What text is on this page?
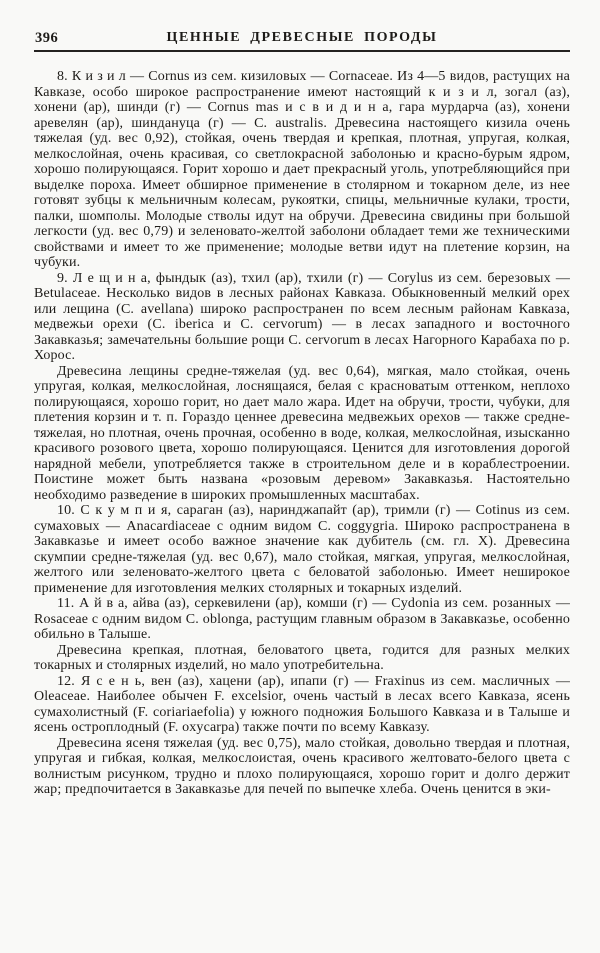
396	ЦЕННЫЕ ДРЕВЕСНЫЕ ПОРОДЫ

8. К и з и л — Cornus из сем. кизиловых — Cornaceae. Из 4—5 видов, растущих на Кавказе, особо широкое распространение имеют настоящий к и з и л, зогал (аз), хонени (ар), шинди (г) — Cornus mas и с в и д и н а, гара мурдарча (аз), хонени аревелян (ар), шиндануца (г) — C. australis. Древесина настоящего кизила очень тяжелая (уд. вес 0,92), стойкая, очень твердая и крепкая, плотная, упругая, колкая, мелкослойная, очень красивая, со светлокрасной заболонью и красно-бурым ядром, хорошо полирующаяся. Горит хорошо и дает прекрасный уголь, употребляющийся при выделке пороха. Имеет обширное применение в столярном и токарном деле, из нее готовят зубцы к мельничным колесам, рукоятки, спицы, мельничные кулаки, трости, палки, шомполы. Молодые стволы идут на обручи. Древесина свидины при большой легкости (уд. вес 0,79) и зеленовато-желтой заболони обладает теми же техническими свойствами и имеет то же применение; молодые ветви идут на плетение корзин, на чубуки.

9. Л е щ и н а, фындык (аз), тхил (ар), тхили (г) — Corylus из сем. березовых — Betulaceae. Несколько видов в лесных районах Кавказа. Обыкновенный мелкий орех или лещина (C. avellana) широко распространен по всем лесным районам Кавказа, медвежьи орехи (C. iberica и C. cervorum) — в лесах западного и восточного Закавказья; замечательны большие рощи C. cervorum в лесах Нагорного Карабаха по р. Хорос.

Древесина лещины средне-тяжелая (уд. вес 0,64), мягкая, мало стойкая, очень упругая, колкая, мелкослойная, лоснящаяся, белая с красноватым оттенком, неплохо полирующаяся, хорошо горит, но дает мало жара. Идет на обручи, трости, чубуки, для плетения корзин и т. п. Гораздо ценнее древесина медвежьих орехов — также средне-тяжелая, но плотная, очень прочная, особенно в воде, колкая, мелкослойная, изысканно красивого розового цвета, хорошо полирующаяся. Ценится для изготовления дорогой нарядной мебели, употребляется также в строительном деле и в кораблестроении. Поистине может быть названа «розовым деревом» Закавказья. Настоятельно необходимо разведение в широких промышленных масштабах.

10. С к у м п и я, сараган (аз), наринджапайт (ар), тримли (г) — Cotinus из сем. сумаховых — Anacardiaceae с одним видом C. coggygria. Широко распространена в Закавказье и имеет особо важное значение как дубитель (см. гл. X). Древесина скумпии средне-тяжелая (уд. вес 0,67), мало стойкая, мягкая, упругая, мелкослойная, желтого или зеленовато-желтого цвета с беловатой заболонью. Имеет неширокое применение для изготовления мелких столярных и токарных изделий.

11. А й в а, айва (аз), серкевилени (ар), комши (г) — Cydonia из сем. розанных — Rosaceae с одним видом C. oblonga, растущим главным образом в Закавказье, особенно обильно в Талыше.

Древесина крепкая, плотная, беловатого цвета, годится для разных мелких токарных и столярных изделий, но мало употребительна.

12. Я с е н ь, вен (аз), хацени (ар), ипапи (г) — Fraxinus из сем. масличных — Oleaceae. Наиболее обычен F. excelsior, очень частый в лесах всего Кавказа, ясень сумахолистный (F. coriariaefolia) у южного подножия Большого Кавказа и в Талыше и ясень остроплодный (F. oxycarpa) также почти по всему Кавказу.

Древесина ясеня тяжелая (уд. вес 0,75), мало стойкая, довольно твердая и плотная, упругая и гибкая, колкая, мелкослоистая, очень красивого желтовато-белого цвета с волнистым рисунком, трудно и плохо полирующаяся, хорошо горит и долго держит жар; предпочитается в Закавказье для печей по выпечке хлеба. Очень ценится в эки-
